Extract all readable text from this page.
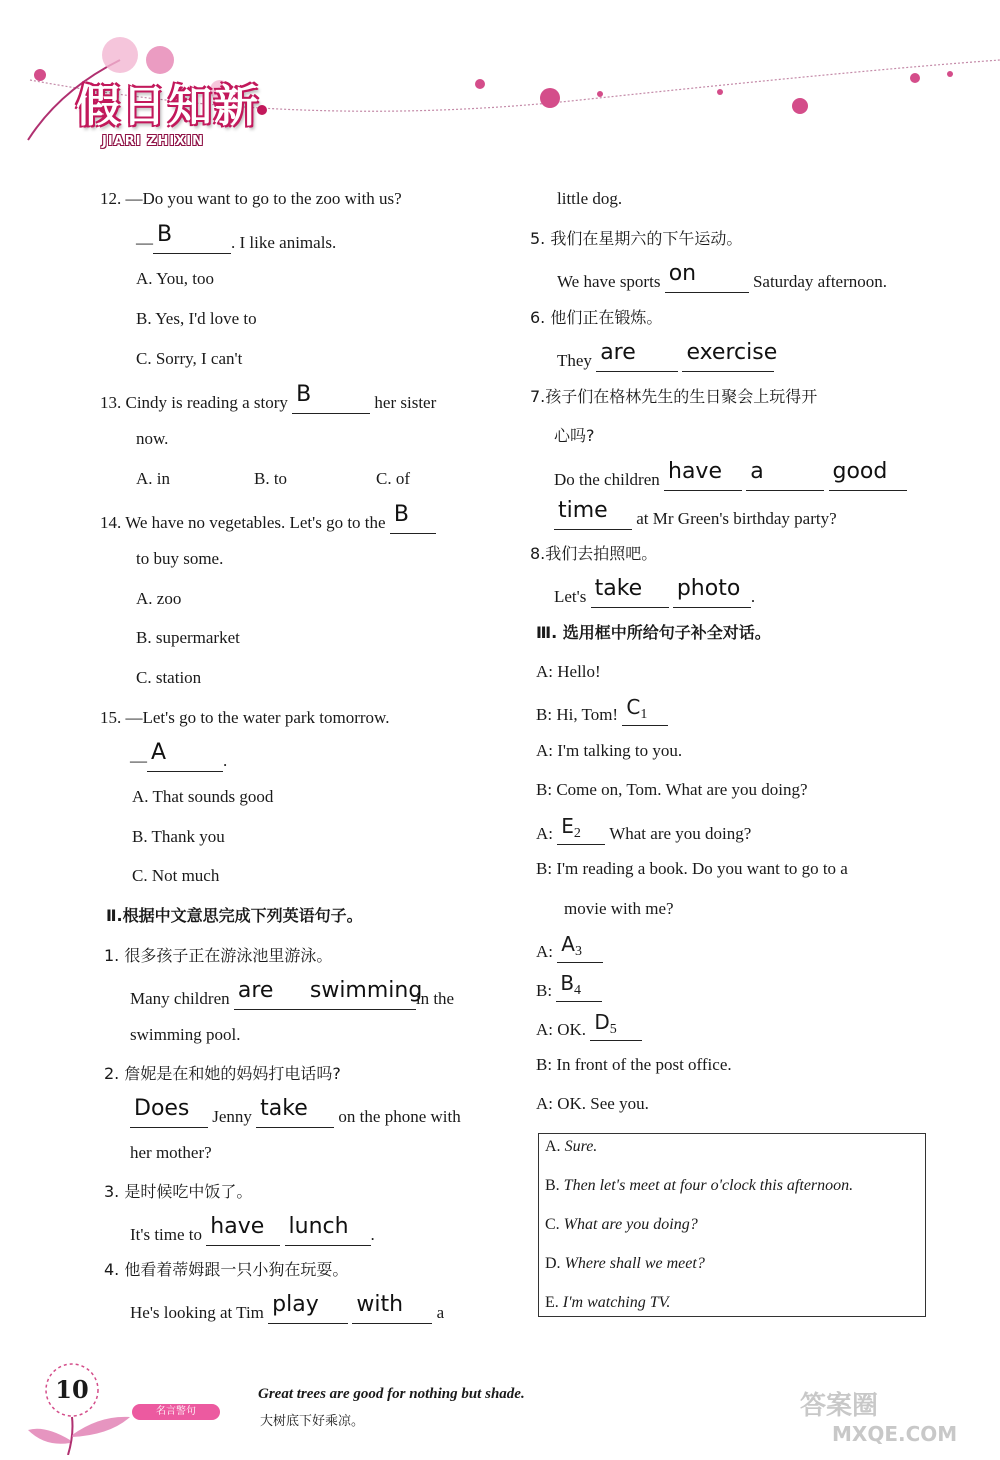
假日知新
JIARI ZHIXIN
12. —Do you want to go to the zoo with us?
— B	. I like animals.
A. You, too
B. Yes, I'd love to
C. Sorry, I can't
13. Cindy is reading a story B	her sister
now.
A. in	B. to	C. of
14. We have no vegetables. Let's go to the B
to buy some.
A. zoo
B. supermarket
C. station
15. —Let's go to the water park tomorrow.
— A	.
A. That sounds good
B. Thank you
C. Not much
Ⅱ.根据中文意思完成下列英语句子。
1. 很多孩子正在游泳池里游泳。
Many children are swimmingin the
swimming pool.
2. 詹妮是在和她的妈妈打电话吗?
Does Jenny take on the phone with
her mother?
3. 是时候吃中饭了。
It's time to have lunch .
4. 他看着蒂姆跟一只小狗在玩耍。
He's looking at Tim play with a
little dog.
5. 我们在星期六的下午运动。
We have sports on	Saturday afternoon.
6. 他们正在锻炼。
They are exercise
7.孩子们在格林先生的生日聚会上玩得开
心吗?
Do the children have a	good
time at Mr Green's birthday party?
8.我们去拍照吧。
Let's take photo .
Ⅲ. 选用框中所给句子补全对话。
A: Hello!
B: Hi, Tom! C1
A: I'm talking to you.
B: Come on, Tom. What are you doing?
A: E2 What are you doing?
B: I'm reading a book. Do you want to go to a
movie with me?
A: A3
B: B4
A: OK. D5
B: In front of the post office.
A: OK. See you.
A. Sure.
B. Then let's meet at four o'clock this afternoon.
C. What are you doing?
D. Where shall we meet?
E. I'm watching TV.
10
名言警句
Great trees are good for nothing but shade.
大树底下好乘凉。
答案圈
MXQE.COM
